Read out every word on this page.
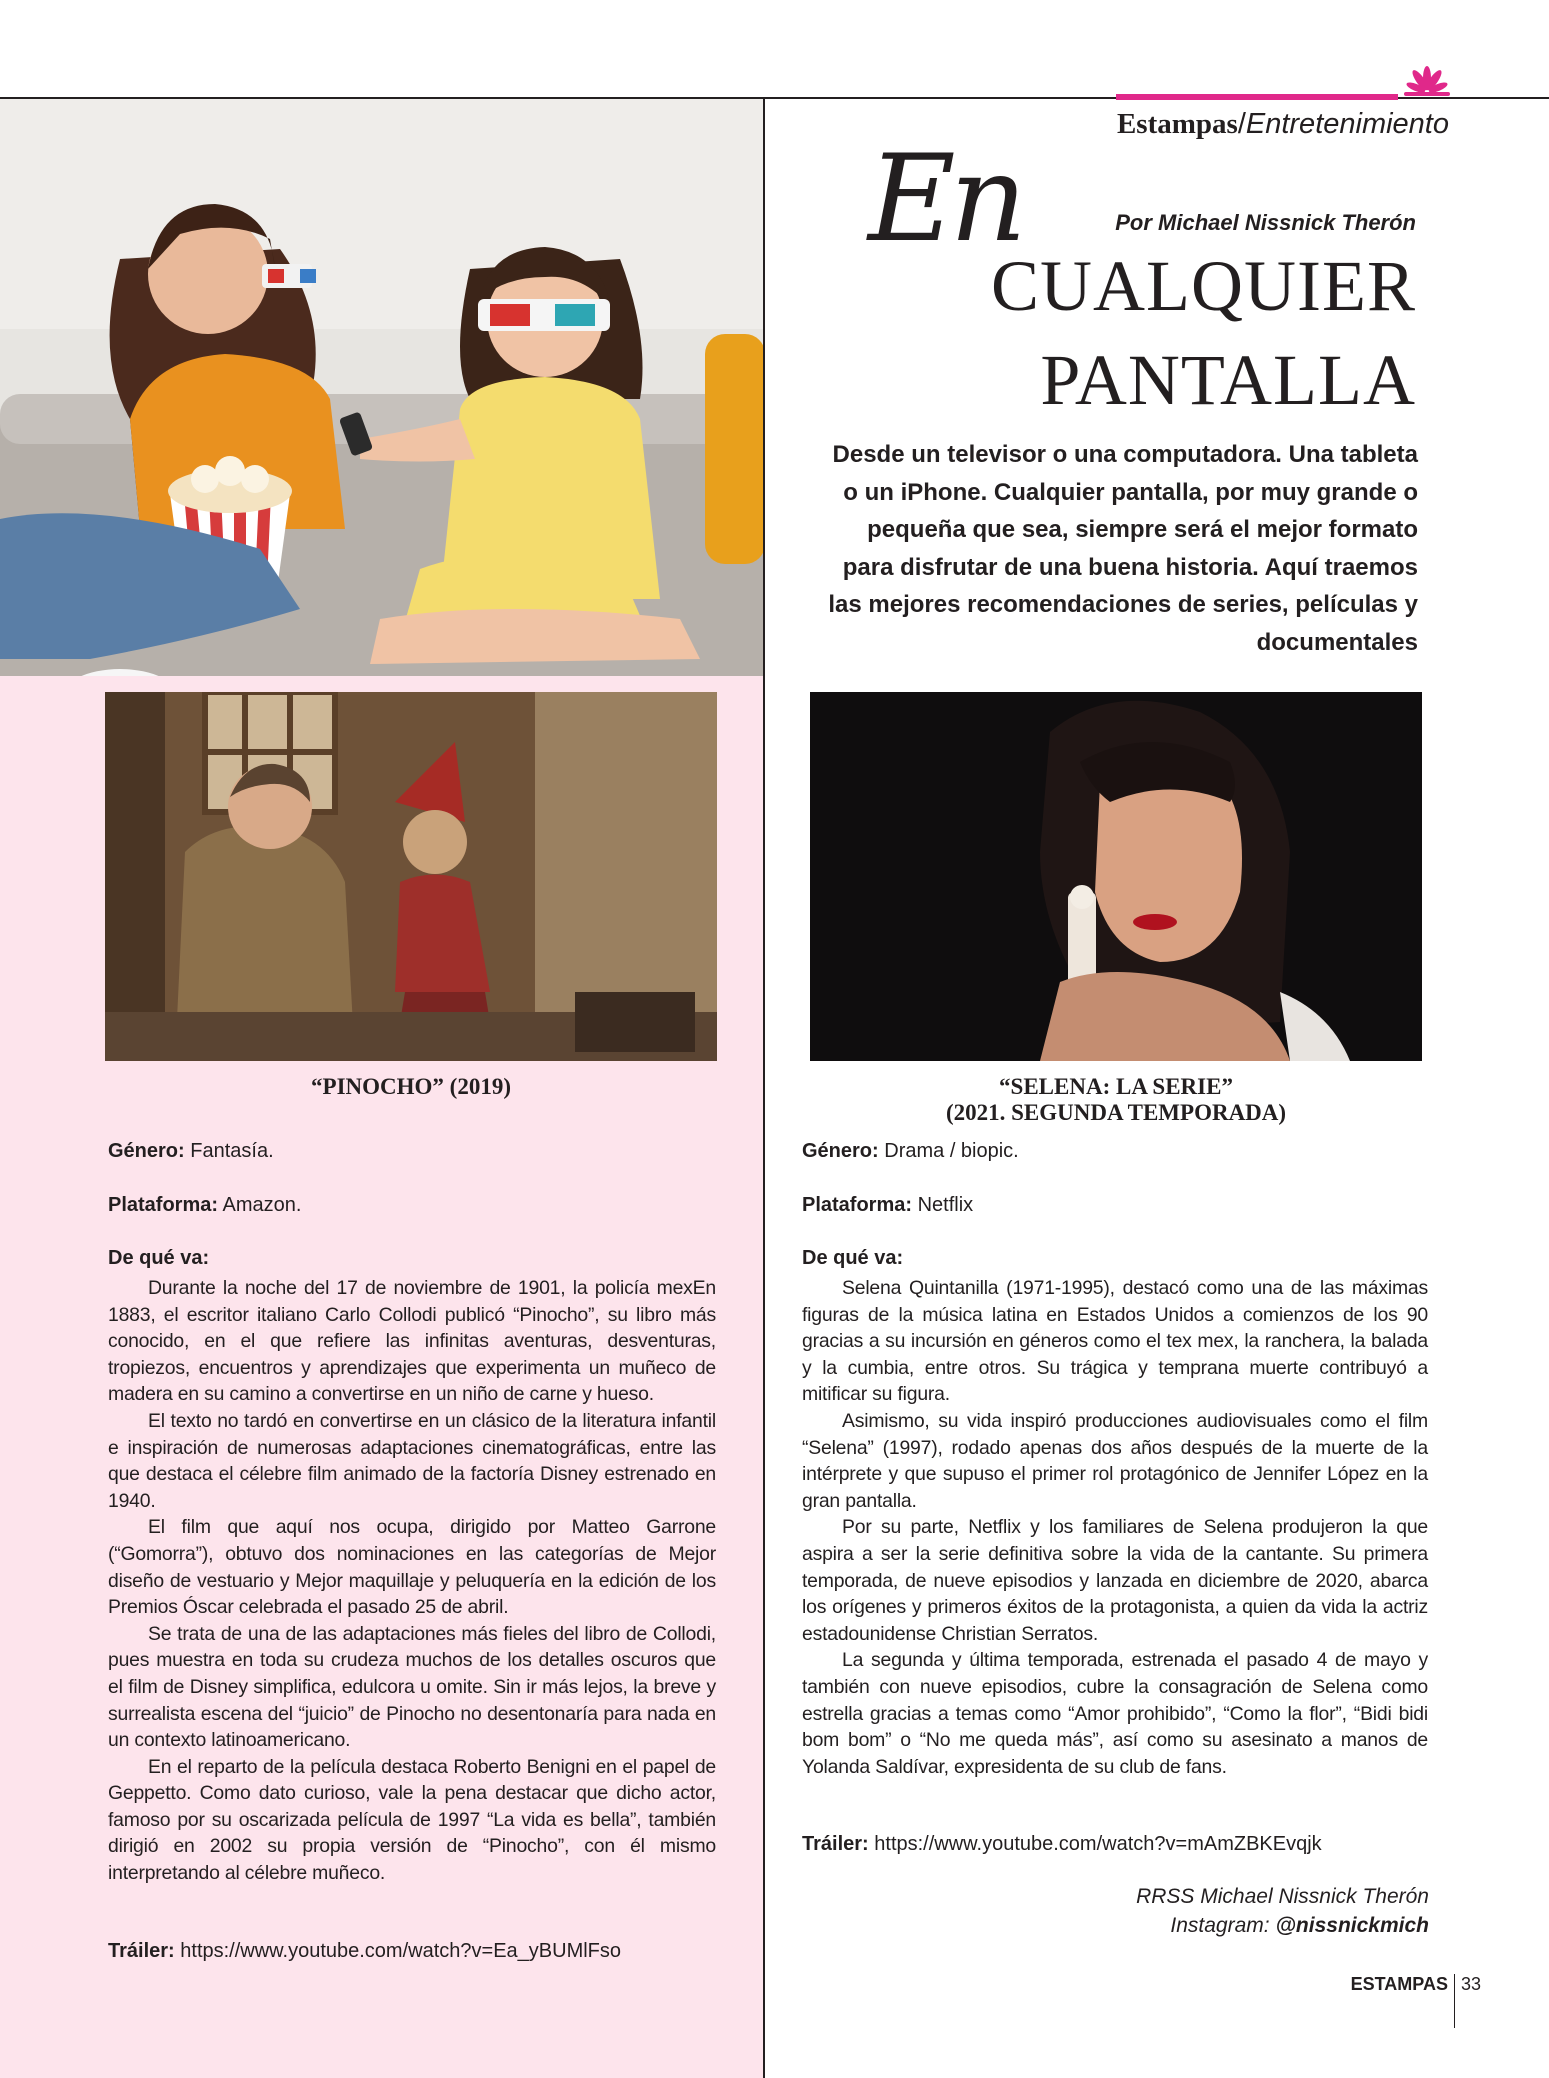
Estampas/Entretenimiento
Por Michael Nissnick Therón
En
CUALQUIER
PANTALLA
Desde un televisor o una computadora. Una tableta o un iPhone. Cualquier pantalla, por muy grande o pequeña que sea, siempre será el mejor formato para disfrutar de una buena historia. Aquí traemos las mejores recomendaciones de series, películas y documentales
“PINOCHO” (2019)
Género: Fantasía.
Plataforma: Amazon.
De qué va:

Durante la noche del 17 de noviembre de 1901, la policía mexEn 1883, el escritor italiano Carlo Collodi publicó “Pinocho”, su libro más conocido, en el que refiere las infinitas aventuras, desventuras, tropiezos, encuentros y aprendizajes que experimenta un muñeco de madera en su camino a convertirse en un niño de carne y hueso.

El texto no tardó en convertirse en un clásico de la literatura infantil e inspiración de numerosas adaptaciones cinematográficas, entre las que destaca el célebre film animado de la factoría Disney estrenado en 1940.

El film que aquí nos ocupa, dirigido por Matteo Garrone (“Gomorra”), obtuvo dos nominaciones en las categorías de Mejor diseño de vestuario y Mejor maquillaje y peluquería en la edición de los Premios Óscar celebrada el pasado 25 de abril.

Se trata de una de las adaptaciones más fieles del libro de Collodi, pues muestra en toda su crudeza muchos de los detalles oscuros que el film de Disney simplifica, edulcora u omite. Sin ir más lejos, la breve y surrealista escena del “juicio” de Pinocho no desentonaría para nada en un contexto latinoamericano.

En el reparto de la película destaca Roberto Benigni en el papel de Geppetto. Como dato curioso, vale la pena destacar que dicho actor, famoso por su oscarizada película de 1997 “La vida es bella”, también dirigió en 2002 su propia versión de “Pinocho”, con él mismo interpretando al célebre muñeco.

Tráiler: https://www.youtube.com/watch?v=Ea_yBUMlFso
“SELENA: LA SERIE”
(2021. SEGUNDA TEMPORADA)
Género: Drama / biopic.
Plataforma: Netflix
De qué va:

Selena Quintanilla (1971-1995), destacó como una de las máximas figuras de la música latina en Estados Unidos a comienzos de los 90 gracias a su incursión en géneros como el tex mex, la ranchera, la balada y la cumbia, entre otros. Su trágica y temprana muerte contribuyó a mitificar su figura.

Asimismo, su vida inspiró producciones audiovisuales como el film “Selena” (1997), rodado apenas dos años después de la muerte de la intérprete y que supuso el primer rol protagónico de Jennifer López en la gran pantalla.

Por su parte, Netflix y los familiares de Selena produjeron la que aspira a ser la serie definitiva sobre la vida de la cantante. Su primera temporada, de nueve episodios y lanzada en diciembre de 2020, abarca los orígenes y primeros éxitos de la protagonista, a quien da vida la actriz estadounidense Christian Serratos.

La segunda y última temporada, estrenada el pasado 4 de mayo y también con nueve episodios, cubre la consagración de Selena como estrella gracias a temas como “Amor prohibido”, “Como la flor”, “Bidi bidi bom bom” o “No me queda más”, así como su asesinato a manos de Yolanda Saldívar, expresidenta de su club de fans.

Tráiler: https://www.youtube.com/watch?v=mAmZBKEvqjk
RRSS Michael Nissnick Therón
Instagram: @nissnickmich
ESTAMPAS 33
